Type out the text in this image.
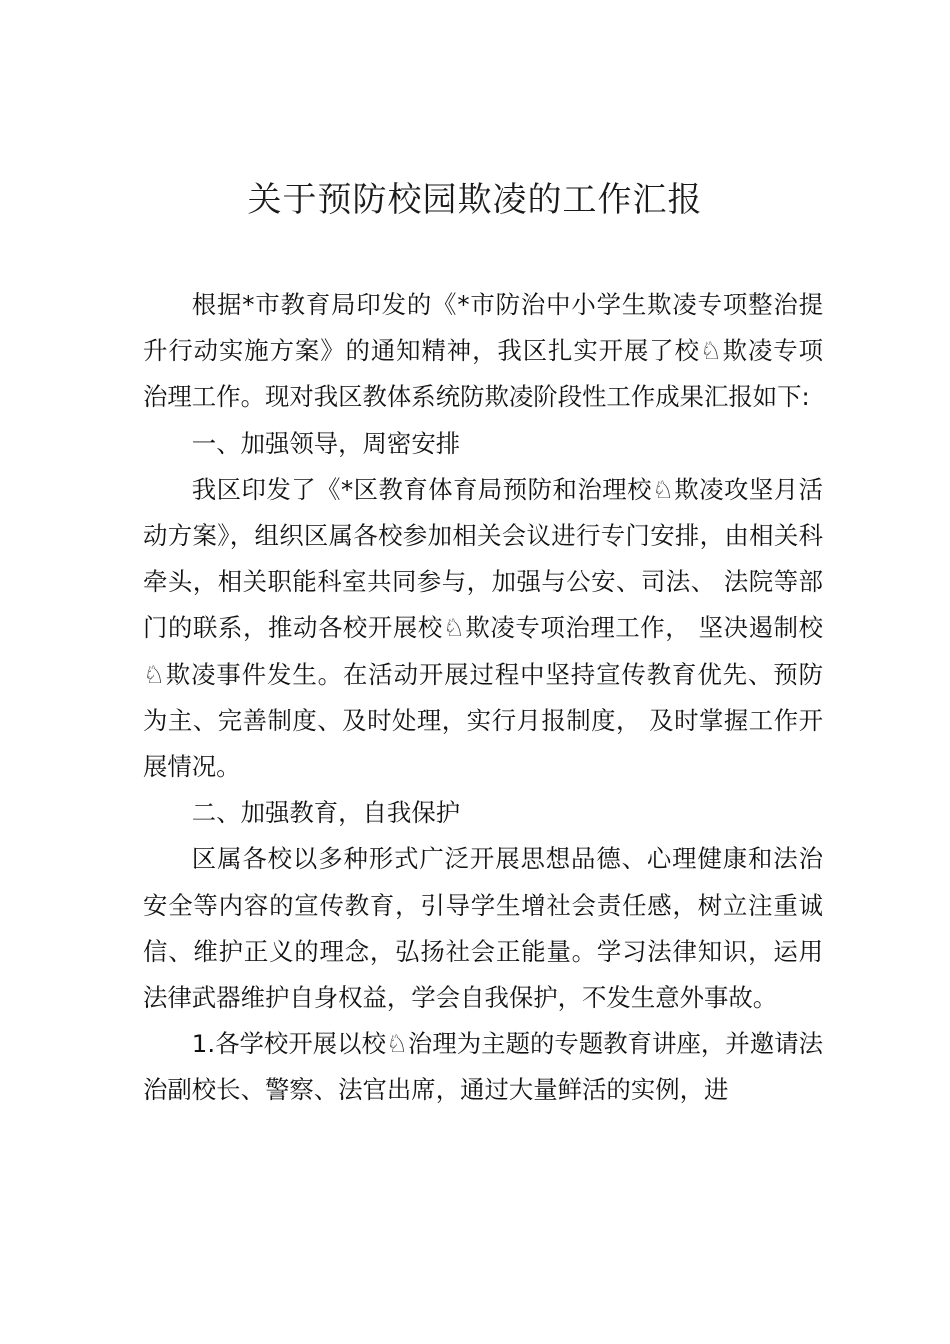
关于预防校园欺凌的工作汇报

根据*市教育局印发的《*市防治中小学生欺凌专项整治提升行动实施方案》的通知精神，我区扎实开展了校♘欺凌专项治理工作。现对我区教体系统防欺凌阶段性工作成果汇报如下:

一、加强领导，周密安排

我区印发了《*区教育体育局预防和治理校♘欺凌攻坚月活动方案》，组织区属各校参加相关会议进行专门安排，由相关科牵头，相关职能科室共同参与，加强与公安、司法、 法院等部门的联系，推动各校开展校♘欺凌专项治理工作， 坚决遏制校♘欺凌事件发生。在活动开展过程中坚持宣传教育优先、预防为主、完善制度、及时处理，实行月报制度， 及时掌握工作开展情况。

二、加强教育，自我保护

区属各校以多种形式广泛开展思想品德、心理健康和法治安全等内容的宣传教育，引导学生增社会责任感，树立注重诚信、维护正义的理念，弘扬社会正能量。学习法律知识，运用法律武器维护自身权益，学会自我保护，不发生意外事故。

1.各学校开展以校♘治理为主题的专题教育讲座，并邀请法治副校长、警察、法官出席，通过大量鲜活的实例，进
